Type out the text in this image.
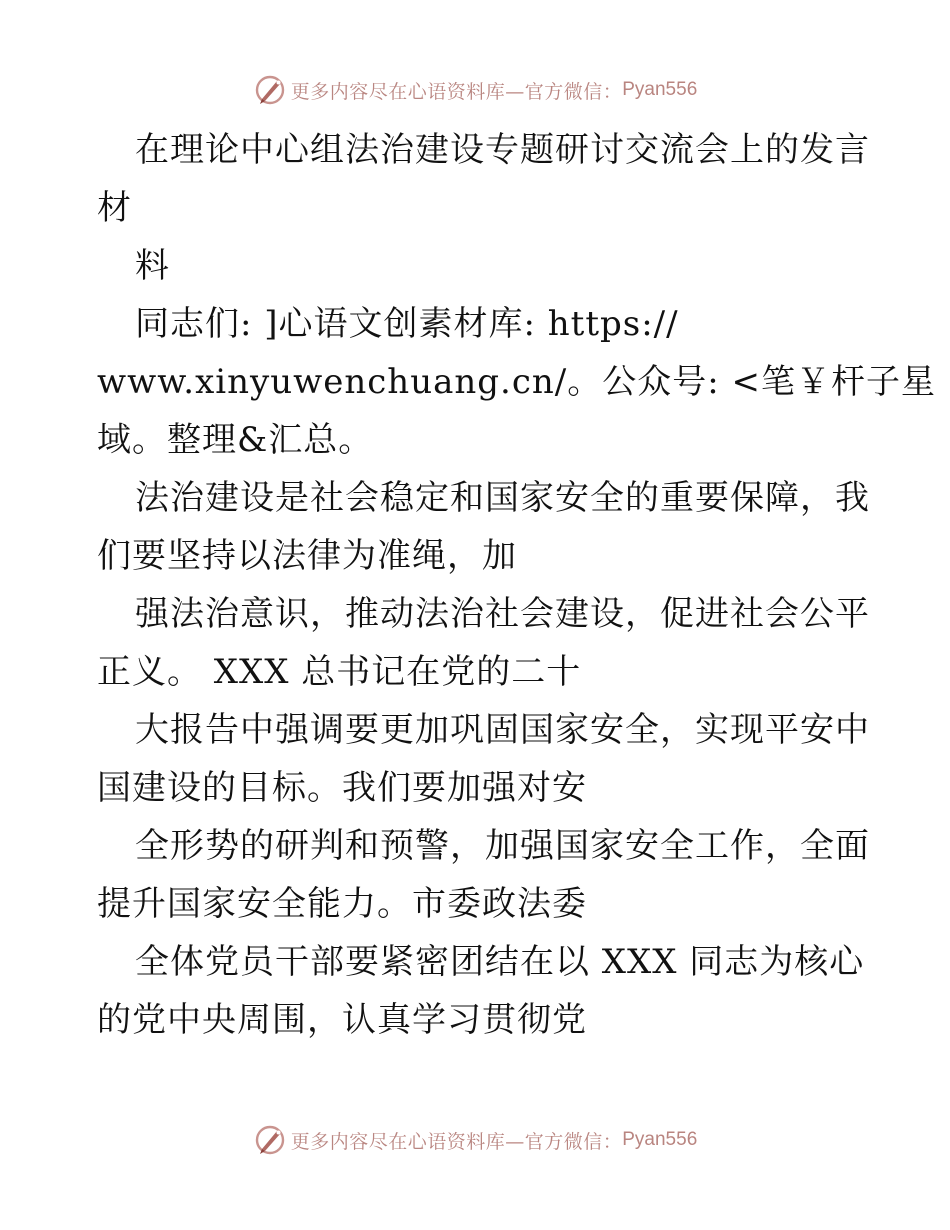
更多内容尽在心语资料库—官方微信： Pyan556
在理论中心组法治建设专题研讨交流会上的发言
材
料
同志们: ]心语文创素材库: https://
www.xinyuwenchuang.cn/。公众号: <笔￥杆子星
域。整理&汇总。
法治建设是社会稳定和国家安全的重要保障，我
们要坚持以法律为准绳，加
强法治意识，推动法治社会建设，促进社会公平
正义。 XXX 总书记在党的二十
大报告中强调要更加巩固国家安全，实现平安中
国建设的目标。我们要加强对安
全形势的研判和预警，加强国家安全工作，全面
提升国家安全能力。市委政法委
全体党员干部要紧密团结在以 XXX 同志为核心
的党中央周围，认真学习贯彻党
更多内容尽在心语资料库—官方微信： Pyan556
